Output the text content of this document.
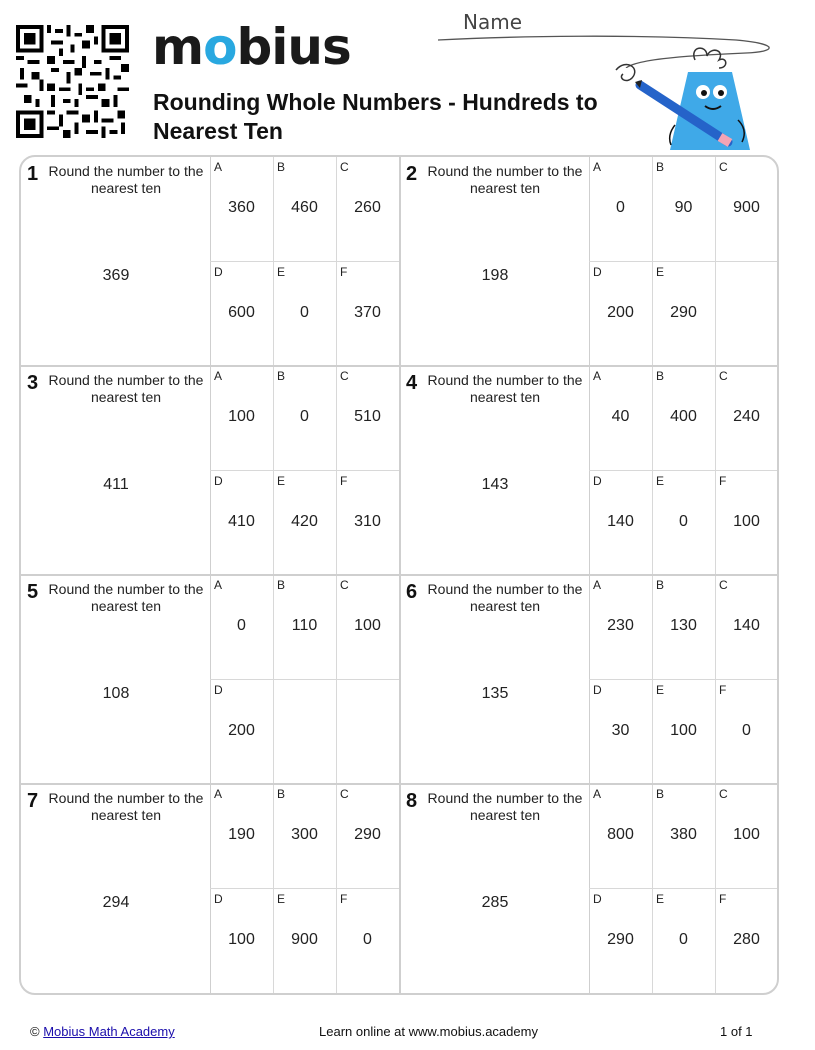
mobius
Rounding Whole Numbers - Hundreds to Nearest Ten
Name
1 Round the number to the nearest ten
369
A
360
B
460
C
260
D
600
E
0
F
370
2 Round the number to the nearest ten
198
A
0
B
90
C
900
D
200
E
290
3 Round the number to the nearest ten
411
A
100
B
0
C
510
D
410
E
420
F
310
4 Round the number to the nearest ten
143
A
40
B
400
C
240
D
140
E
0
F
100
5 Round the number to the nearest ten
108
A
0
B
110
C
100
D
200
6 Round the number to the nearest ten
135
A
230
B
130
C
140
D
30
E
100
F
0
7 Round the number to the nearest ten
294
A
190
B
300
C
290
D
100
E
900
F
0
8 Round the number to the nearest ten
285
A
800
B
380
C
100
D
290
E
0
F
280
© Mobius Math Academy	Learn online at www.mobius.academy	1 of 1
